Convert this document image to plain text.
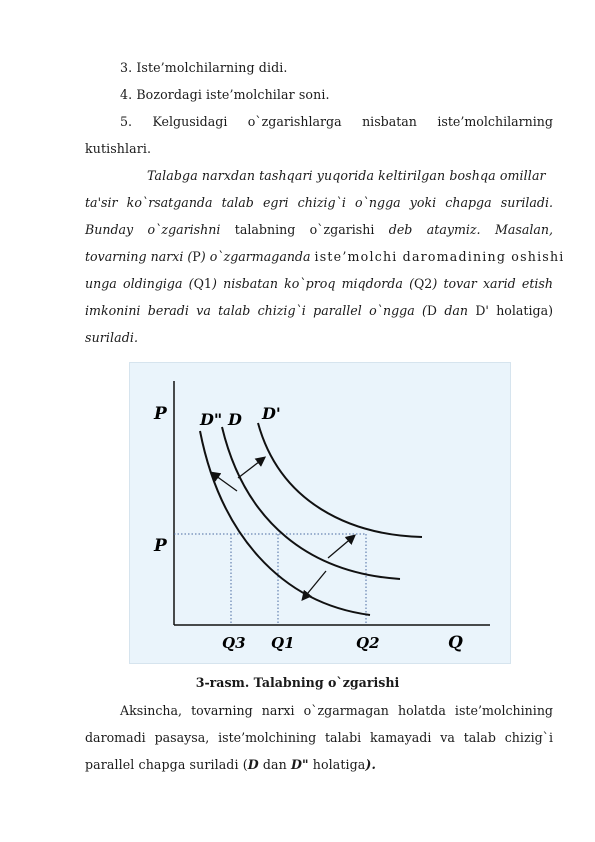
3. Iste’molchilarning didi.
4. Bozordagi iste’molchilar soni.
5. Kelgusidagi o`zgarishlarga nisbatan iste’molchilarning
kutishlari.
Talabga narxdan tashqari yuqorida keltirilgan boshqa omillar
ta'sir ko`rsatganda talab egri chizig`i o`ngga yoki chapga suriladi.
Bunday o`zgarishni talabning o`zgarishi deb ataymiz. Masalan,
tovarning narxi (P) o`zgarmaganda iste’molchi daromadining oshishi
unga oldingiga (Q1) nisbatan ko`proq miqdorda (Q2) tovar xarid etish
imkonini beradi va talab chizig`i parallel o`ngga (D dan D' holatiga)
suriladi.
P
P
Q
D" D D'
Q3 Q1	Q2
3-rasm. Talabning o`zgarishi
Aksincha, tovarning narxi o`zgarmagan holatda iste’molchining
daromadi pasaysa, iste’molchining talabi kamayadi va talab chizig`i
parallel chapga suriladi (D dan D" holatiga).
